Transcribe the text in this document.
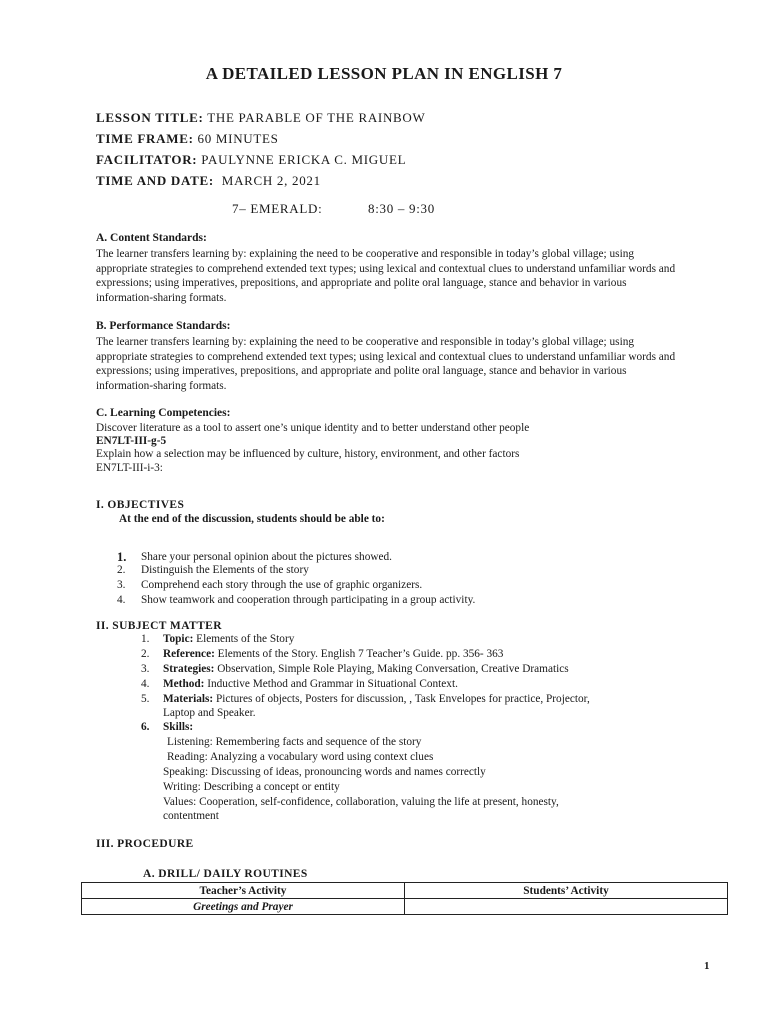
A DETAILED LESSON PLAN IN ENGLISH 7
LESSON TITLE: THE PARABLE OF THE RAINBOW
TIME FRAME: 60 MINUTES
FACILITATOR: PAULYNNE ERICKA C. MIGUEL
TIME AND DATE:  MARCH 2, 2021
7– EMERALD:	8:30 – 9:30
A. Content Standards:
The learner transfers learning by: explaining the need to be cooperative and responsible in today’s global village; using appropriate strategies to comprehend extended text types; using lexical and contextual clues to understand unfamiliar words and expressions; using imperatives, prepositions, and appropriate and polite oral language, stance and behavior in various information-sharing formats.
B. Performance Standards:
The learner transfers learning by: explaining the need to be cooperative and responsible in today’s global village; using appropriate strategies to comprehend extended text types; using lexical and contextual clues to understand unfamiliar words and expressions; using imperatives, prepositions, and appropriate and polite oral language, stance and behavior in various information-sharing formats.
C. Learning Competencies:
Discover literature as a tool to assert one’s unique identity and to better understand other people
EN7LT-III-g-5
Explain how a selection may be influenced by culture, history, environment, and other factors
EN7LT-III-i-3:
I. OBJECTIVES
At the end of the discussion, students should be able to:
1. Share your personal opinion about the pictures showed.
2. Distinguish the Elements of the story
3. Comprehend each story through the use of graphic organizers.
4. Show teamwork and cooperation through participating in a group activity.
II. SUBJECT MATTER
1. Topic: Elements of the Story
2. Reference: Elements of the Story. English 7 Teacher’s Guide. pp. 356- 363
3. Strategies: Observation, Simple Role Playing, Making Conversation, Creative Dramatics
4. Method: Inductive Method and Grammar in Situational Context.
5. Materials: Pictures of objects, Posters for discussion, , Task Envelopes for practice, Projector,
Laptop and Speaker.
6. Skills:
Listening: Remembering facts and sequence of the story
Reading: Analyzing a vocabulary word using context clues
Speaking: Discussing of ideas, pronouncing words and names correctly
Writing: Describing a concept or entity
Values: Cooperation, self-confidence, collaboration, valuing the life at present, honesty,
contentment
III. PROCEDURE
A. DRILL/ DAILY ROUTINES
Teacher’s Activity	Students’ Activity
Greetings and Prayer	
1
